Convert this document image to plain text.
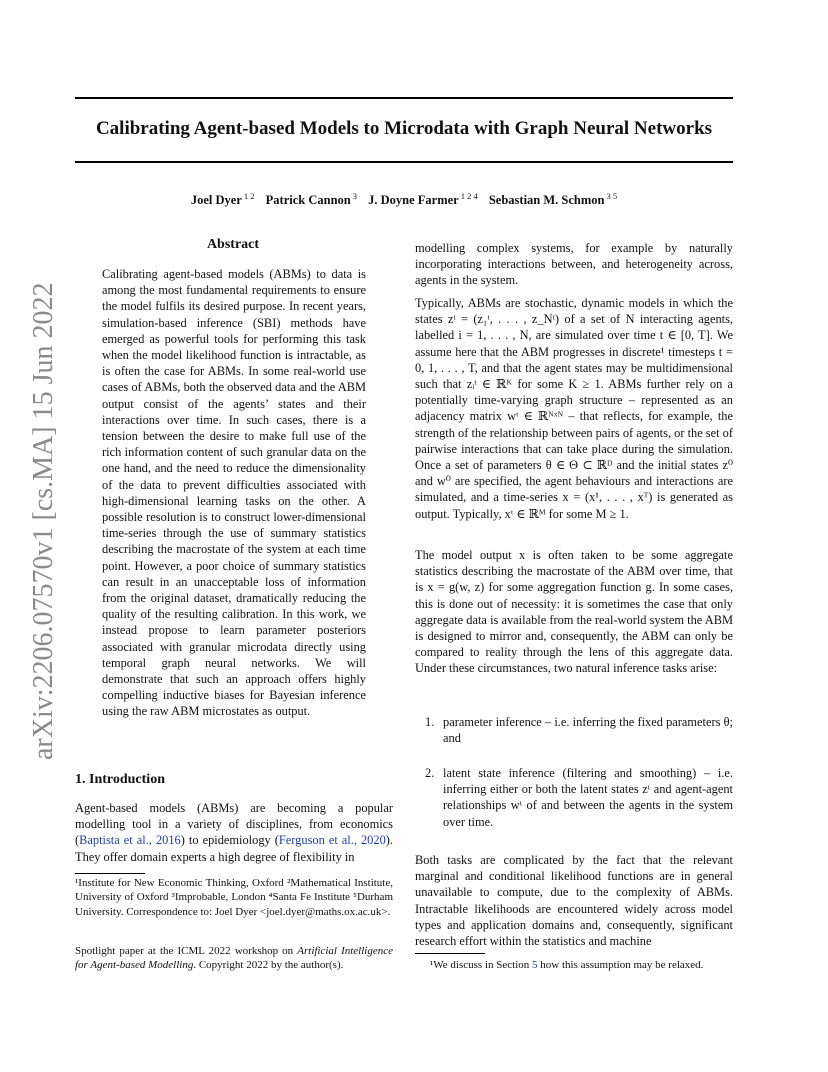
Calibrating Agent-based Models to Microdata with Graph Neural Networks
Joel Dyer $^{1 2}$ Patrick Cannon $^3$ J. Doyne Farmer $^{1 2 4}$ Sebastian M. Schmon $^{3 5}$
arXiv:2206.07570v1 [cs.MA] 15 Jun 2022
Abstract

Calibrating agent-based models (ABMs) to data is among the most fundamental requirements to ensure the model fulfils its desired purpose. In recent years, simulation-based inference (SBI) methods have emerged as powerful tools for performing this task when the model likelihood function is intractable, as is often the case for ABMs. In some real-world use cases of ABMs, both the observed data and the ABM output consist of the agents’ states and their interactions over time. In such cases, there is a tension between the desire to make full use of the rich information content of such granular data on the one hand, and the need to reduce the dimensionality of the data to prevent difficulties associated with high-dimensional learning tasks on the other. A possible resolution is to construct lower-dimensional time-series through the use of summary statistics describing the macrostate of the system at each time point. However, a poor choice of summary statistics can result in an unacceptable loss of information from the original dataset, dramatically reducing the quality of the resulting calibration. In this work, we instead propose to learn parameter posteriors associated with granular microdata directly using temporal graph neural networks. We will demonstrate that such an approach offers highly compelling inductive biases for Bayesian inference using the raw ABM microstates as output.

1. Introduction

Agent-based models (ABMs) are becoming a popular modelling tool in a variety of disciplines, from economics (Baptista et al., 2016) to epidemiology (Ferguson et al., 2020). They offer domain experts a high degree of flexibility in

¹Institute for New Economic Thinking, Oxford ²Mathematical Institute, University of Oxford ³Improbable, London ⁴Santa Fe Institute ⁵Durham University. Correspondence to: Joel Dyer <joel.dyer@maths.ox.ac.uk>.

Spotlight paper at the ICML 2022 workshop on Artificial Intelligence for Agent-based Modelling. Copyright 2022 by the author(s).

modelling complex systems, for example by naturally incorporating interactions between, and heterogeneity across, agents in the system.

Typically, ABMs are stochastic, dynamic models in which the states zᵗ = (z₁ᵗ, . . . , z_Nᵗ) of a set of N interacting agents, labelled i = 1, . . . , N, are simulated over time t ∈ [0, T]. We assume here that the ABM progresses in discrete¹ timesteps t = 0, 1, . . . , T, and that the agent states may be multidimensional such that zᵢᵗ ∈ ℝᴷ for some K ≥ 1. ABMs further rely on a potentially time-varying graph structure – represented as an adjacency matrix wᵗ ∈ ℝᴺˣᴺ – that reflects, for example, the strength of the relationship between pairs of agents, or the set of pairwise interactions that can take place during the simulation. Once a set of parameters θ ∈ Θ ⊂ ℝᴰ and the initial states z⁰ and w⁰ are specified, the agent behaviours and interactions are simulated, and a time-series x = (x¹, . . . , xᵀ) is generated as output. Typically, xᵗ ∈ ℝᴹ for some M ≥ 1.

The model output x is often taken to be some aggregate statistics describing the macrostate of the ABM over time, that is x = g(w, z) for some aggregation function g. In some cases, this is done out of necessity: it is sometimes the case that only aggregate data is available from the real-world system the ABM is designed to mirror and, consequently, the ABM can only be compared to reality through the lens of this aggregate data. Under these circumstances, two natural inference tasks arise:

1. parameter inference – i.e. inferring the fixed parameters θ; and
2. latent state inference (filtering and smoothing) – i.e. inferring either or both the latent states zᵗ and agent-agent relationships wᵗ of and between the agents in the system over time.

Both tasks are complicated by the fact that the relevant marginal and conditional likelihood functions are in general unavailable to compute, due to the complexity of ABMs. Intractable likelihoods are encountered widely across model types and application domains and, consequently, significant research effort within the statistics and machine

¹We discuss in Section 5 how this assumption may be relaxed.
